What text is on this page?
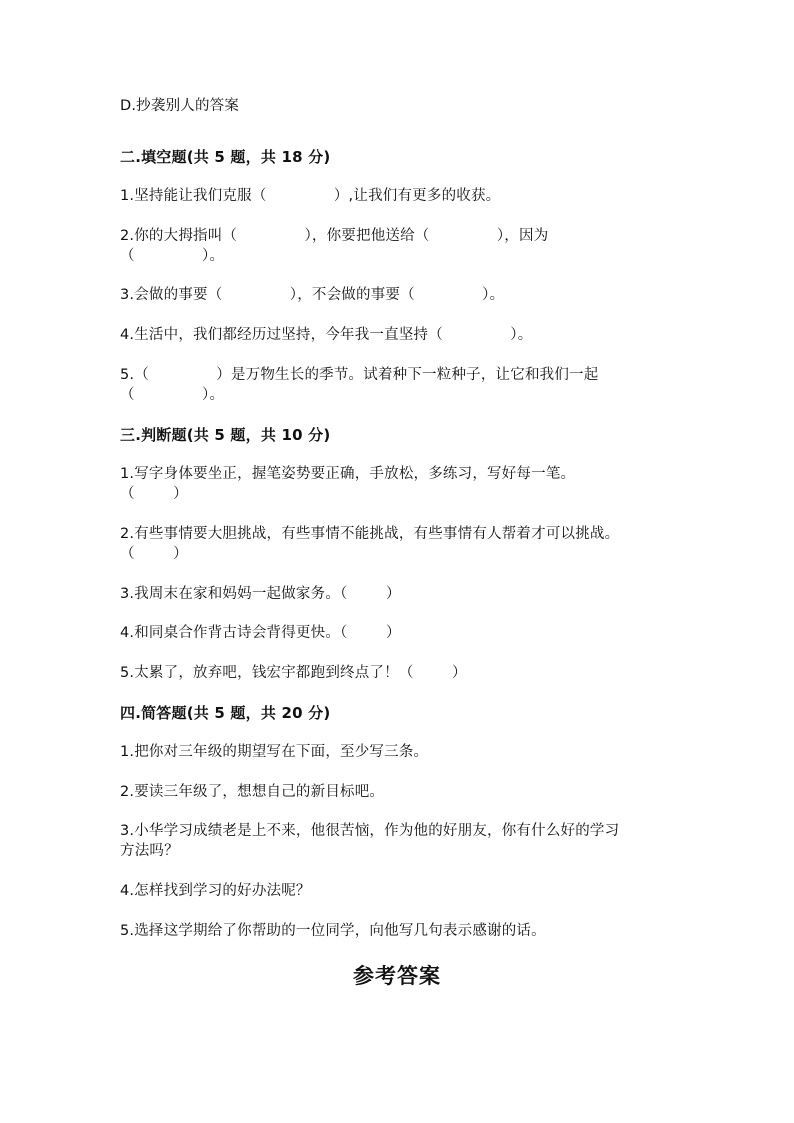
D.抄袭别人的答案
二.填空题(共 5 题，共 18 分)
1.坚持能让我们克服（              ）,让我们有更多的收获。
2.你的大拇指叫（              ），你要把他送给（              ），因为
（              ）。
3.会做的事要（              ），不会做的事要（              ）。
4.生活中，我们都经历过坚持，今年我一直坚持（              ）。
5.（              ）是万物生长的季节。试着种下一粒种子，让它和我们一起
（              ）。
三.判断题(共 5 题，共 10 分)
1.写字身体要坐正，握笔姿势要正确，手放松，多练习，写好每一笔。
（        ）
2.有些事情要大胆挑战，有些事情不能挑战，有些事情有人帮着才可以挑战。
（        ）
3.我周末在家和妈妈一起做家务。（        ）
4.和同桌合作背古诗会背得更快。（        ）
5.太累了，放弃吧，钱宏宇都跑到终点了！（        ）
四.简答题(共 5 题，共 20 分)
1.把你对三年级的期望写在下面，至少写三条。
2.要读三年级了，想想自己的新目标吧。
3.小华学习成绩老是上不来，他很苦恼，作为他的好朋友，你有什么好的学习
方法吗？
4.怎样找到学习的好办法呢？
5.选择这学期给了你帮助的一位同学，向他写几句表示感谢的话。
参考答案
